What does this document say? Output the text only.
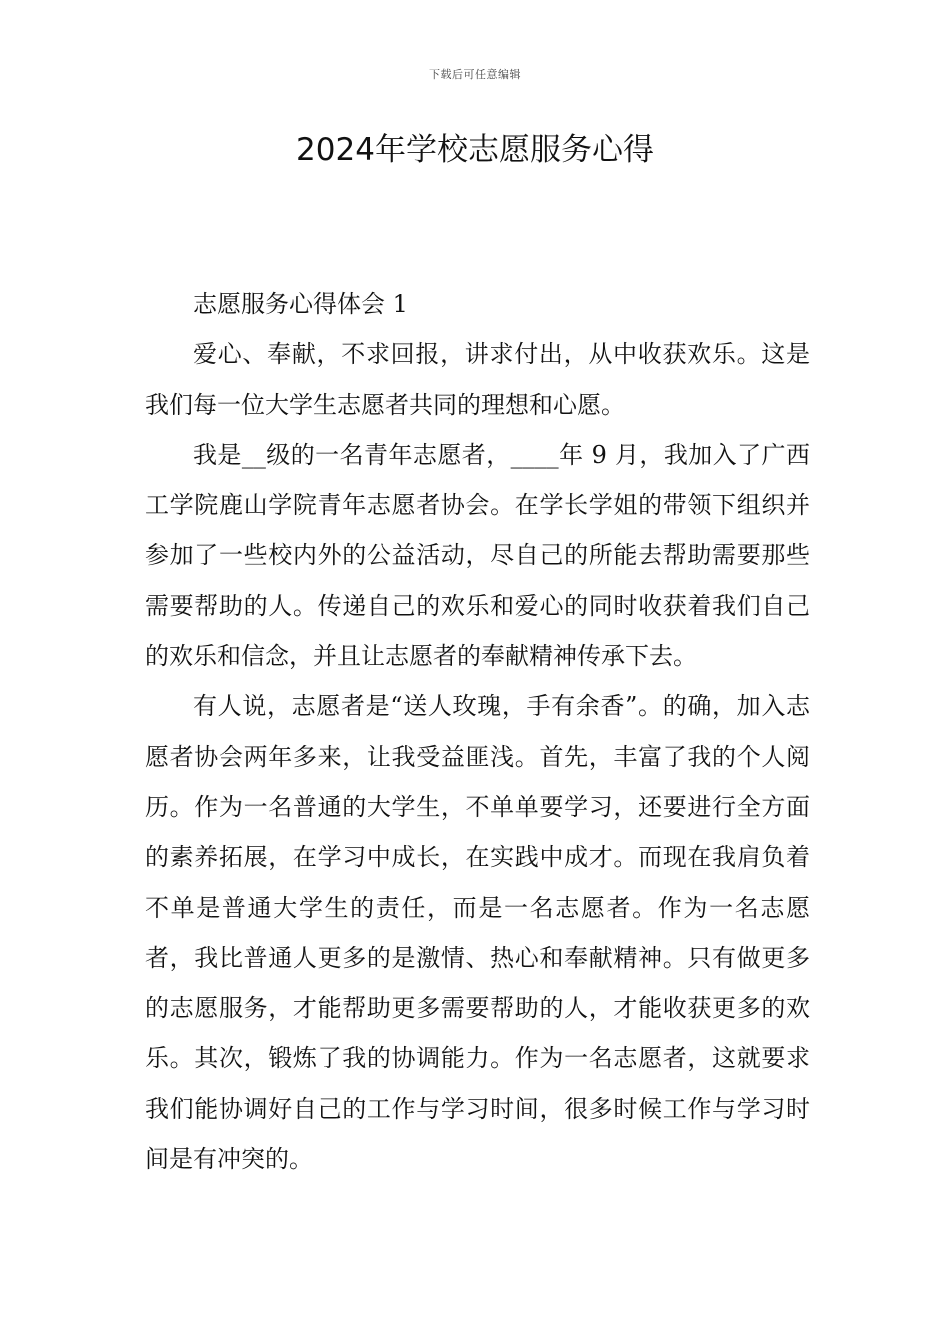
下载后可任意编辑
2024年学校志愿服务心得

志愿服务心得体会 1

爱心、奉献，不求回报，讲求付出，从中收获欢乐。这是我们每一位大学生志愿者共同的理想和心愿。

我是__级的一名青年志愿者，____年 9 月，我加入了广西工学院鹿山学院青年志愿者协会。在学长学姐的带领下组织并参加了一些校内外的公益活动，尽自己的所能去帮助需要那些需要帮助的人。传递自己的欢乐和爱心的同时收获着我们自己的欢乐和信念，并且让志愿者的奉献精神传承下去。

有人说，志愿者是“送人玫瑰，手有余香”。的确，加入志愿者协会两年多来，让我受益匪浅。首先，丰富了我的个人阅历。作为一名普通的大学生，不单单要学习，还要进行全方面的素养拓展，在学习中成长，在实践中成才。而现在我肩负着不单是普通大学生的责任，而是一名志愿者。作为一名志愿者，我比普通人更多的是激情、热心和奉献精神。只有做更多的志愿服务，才能帮助更多需要帮助的人，才能收获更多的欢乐。其次，锻炼了我的协调能力。作为一名志愿者，这就要求我们能协调好自己的工作与学习时间，很多时候工作与学习时间是有冲突的。
